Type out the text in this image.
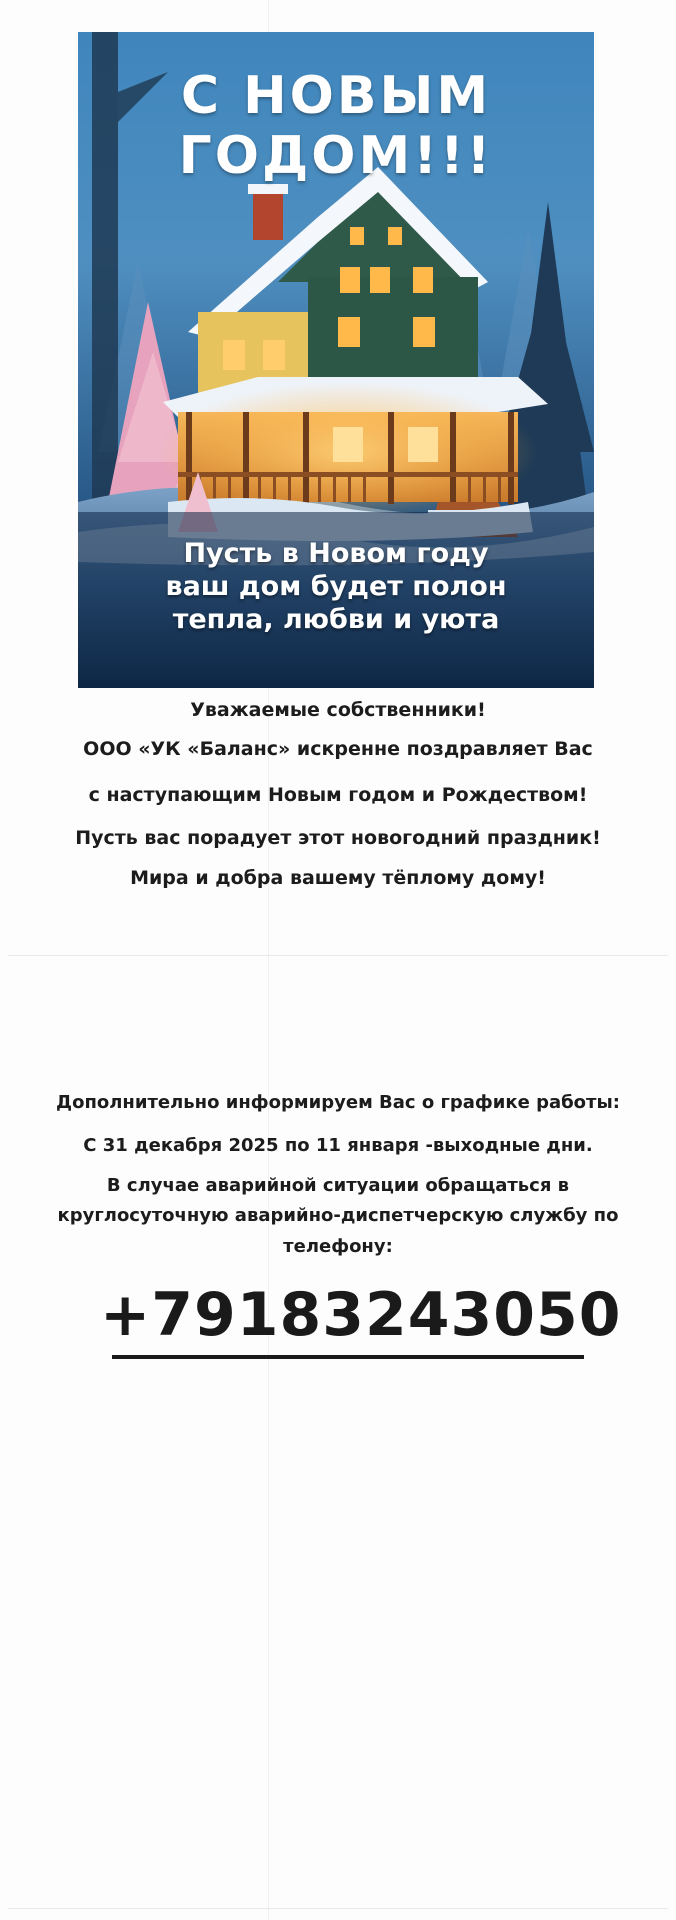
С НОВЫМ
ГОДОМ!!!
Пусть в Новом году
ваш дом будет полон
тепла, любви и уюта
Уважаемые собственники!
ООО «УК «Баланс» искренне поздравляет Вас
с наступающим Новым годом и Рождеством!
Пусть вас порадует этот новогодний праздник!
Мира и добра вашему тёплому дому!
Дополнительно информируем Вас о графике работы:
С 31 декабря 2025 по 11 января -выходные дни.
В случае аварийной ситуации обращаться в
круглосуточную аварийно-диспетчерскую службу по
телефону:
+79183243050
